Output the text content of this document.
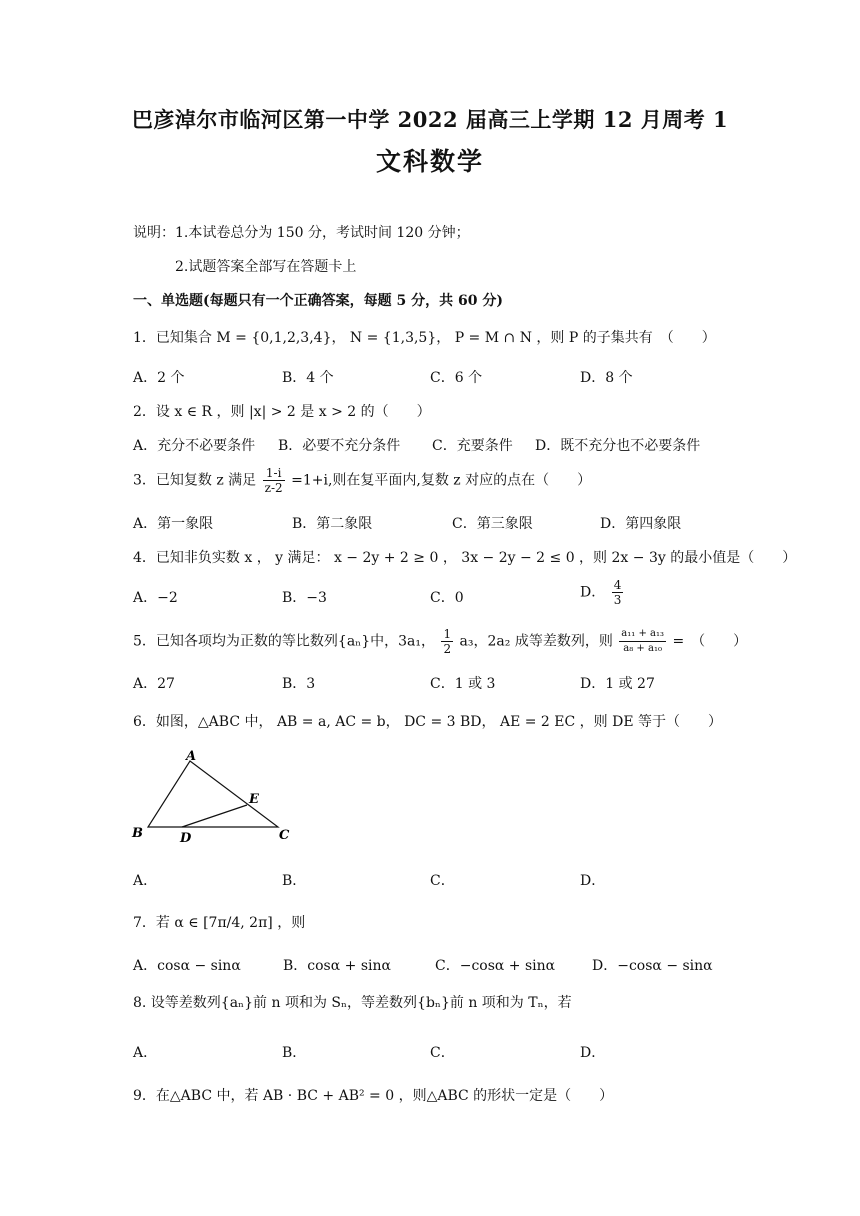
巴彦淖尔市临河区第一中学 2022 届高三上学期 12 月周考 1
文科数学
说明：1.本试卷总分为 150 分，考试时间 120 分钟；
2.试题答案全部写在答题卡上
一、单选题(每题只有一个正确答案，每题 5 分，共 60 分)
1．已知集合 M = {0,1,2,3,4}， N = {1,3,5}， P = M ∩ N ，则 P 的子集共有　（　　）
A．2 个	B．4 个	C．6 个	D．8 个
2．设 x ∈ R ，则 |x| > 2 是 x > 2 的（　　）
A．充分不必要条件 B．必要不充分条件 C．充要条件 D．既不充分也不必要条件
3．已知复数 z 满足 $\frac{1-i}{z-2} =1+i$,则在复平面内,复数 z 对应的点在（　　）
A．第一象限	B．第二象限	C．第三象限	D．第四象限
4．已知非负实数 x ， y 满足： x − 2y + 2 ≥ 0 ， 3x − 2y − 2 ≤ 0 ，则 2x − 3y 的最小值是（　　）
A．−2	B．−3	C．0	D． $\frac{4}{3}$
5．已知各项均为正数的等比数列{aₙ}中，3a₁， $\frac{1}{2} a_3$，2a₂ 成等差数列，则 $\frac{\text{a₁₁ + a₁₃}}{\text{a₈ + a₁₀}}$ =　（　　）
A．27	B．3	C．1 或 3	D．1 或 27
6．如图，△ABC 中， AB = a, AC = b， DC = 3 BD， AE = 2 EC ，则 DE 等于（　　）
A
B	C
D
E
A．	B．	C．	D．
7．若 α ∈ [7π/4, 2π] ，则
A．cosα − sinα	B．cosα + sinα	C．−cosα + sinα	D．−cosα − sinα
8. 设等差数列{aₙ}前 n 项和为 Sₙ，等差数列{bₙ}前 n 项和为 Tₙ，若
A．	B．	C．	D．
9．在△ABC 中，若 AB · BC + AB² = 0 ，则△ABC 的形状一定是（　　）
